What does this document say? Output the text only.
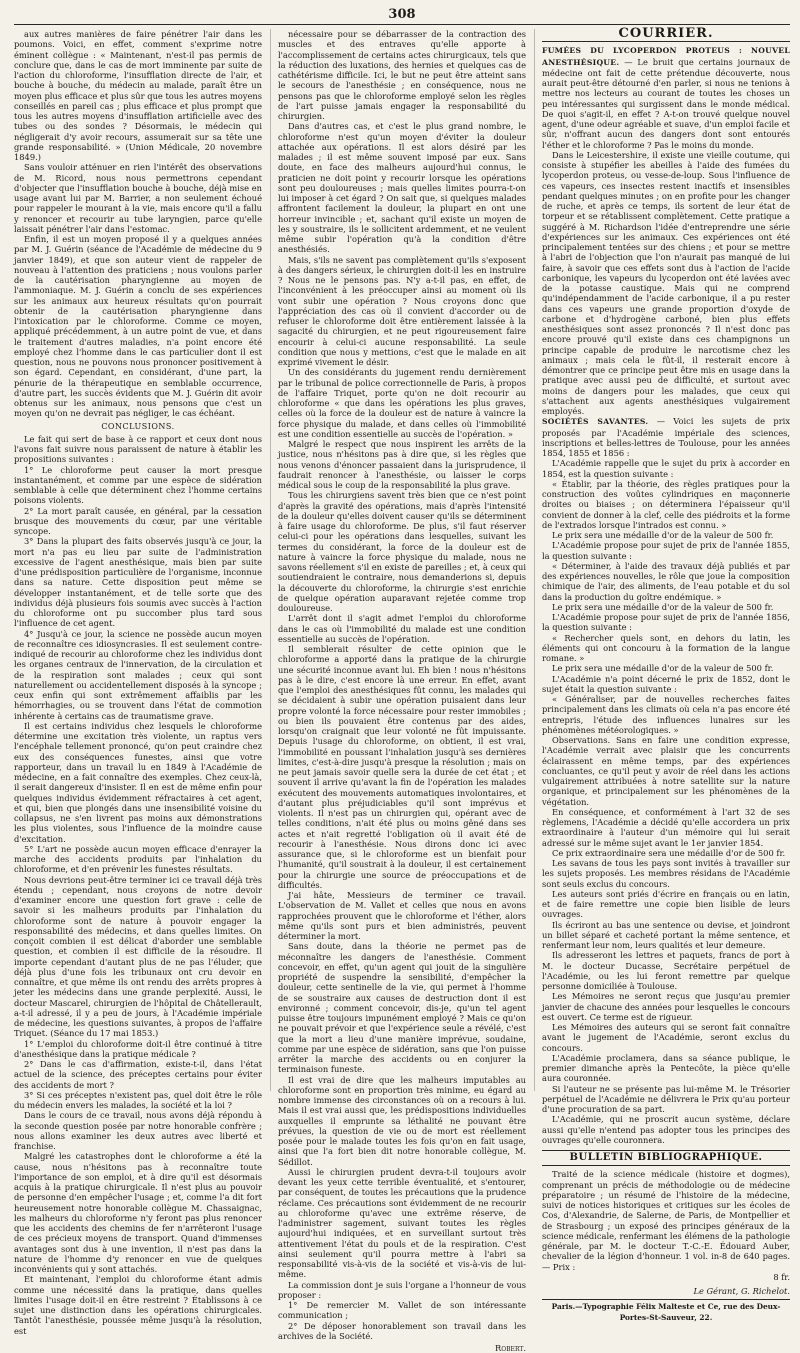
308

aux autres manières de faire pénétrer l'air dans les poumons. Voici, en effet, comment s'exprime notre éminent collègue : « Maintenant, n'est-il pas permis de conclure que, dans le cas de mort imminente par suite de l'action du chloroforme, l'insufflation directe de l'air, et bouche à bouche, du médecin au malade, paraît être un moyen plus efficace et plus sûr que tous les autres moyens conseillés en pareil cas ; plus efficace et plus prompt que tous les autres moyens d'insufflation artificielle avec des tubes ou des sondes ? Désormais, le médecin qui négligerait d'y avoir recours, assumerait sur sa tête une grande responsabilité. » (Union Médicale, 20 novembre 1849.)

Sans vouloir atténuer en rien l'intérêt des observations de M. Ricord, nous nous permettrons cependant d'objecter que l'insufflation bouche à bouche, déjà mise en usage avant lui par M. Barrier, a non seulement échoué pour rappeler le mourant à la vie, mais encore qu'il a fallu y renoncer et recourir au tube laryngien, parce qu'elle laissait pénétrer l'air dans l'estomac.

Enfin, il est un moyen proposé il y a quelques années par M. J. Guérin (séance de l'Académie de médecine du 9 janvier 1849), et que son auteur vient de rappeler de nouveau à l'attention des praticiens ; nous voulons parler de la cautérisation pharyngienne au moyen de l'ammoniaque. M. J. Guérin a conclu de ses expériences sur les animaux aux heureux résultats qu'on pourrait obtenir de la cautérisation pharyngienne dans l'intoxication par le chloroforme. Comme ce moyen, appliqué précédemment, à un autre point de vue, et dans le traitement d'autres maladies, n'a point encore été employé chez l'homme dans le cas particulier dont il est question, nous ne pouvons nous prononcer positivement à son égard. Cependant, en considérant, d'une part, la pénurie de la thérapeutique en semblable occurrence, d'autre part, les succès évidents que M. J. Guérin dit avoir obtenus sur les animaux, nous pensons que c'est un moyen qu'on ne devrait pas négliger, le cas échéant.

CONCLUSIONS.

Le fait qui sert de base à ce rapport et ceux dont nous l'avons fait suivre nous paraissent de nature à établir les propositions suivantes :

1° Le chloroforme peut causer la mort presque instantanément, et comme par une espèce de sidération semblable à celle que déterminent chez l'homme certains poisons violents.

2° La mort paraît causée, en général, par la cessation brusque des mouvements du cœur, par une véritable syncope.

3° Dans la plupart des faits observés jusqu'à ce jour, la mort n'a pas eu lieu par suite de l'administration excessive de l'agent anesthésique, mais bien par suite d'une prédisposition particulière de l'organisme, inconnue dans sa nature. Cette disposition peut même se développer instantanément, et de telle sorte que des individus déjà plusieurs fois soumis avec succès à l'action du chloroforme ont pu succomber plus tard sous l'influence de cet agent.

4° Jusqu'à ce jour, la science ne possède aucun moyen de reconnaître ces idiosyncrasies. Il est seulement contre-indiqué de recourir au chloroforme chez les individus dont les organes centraux de l'innervation, de la circulation et de la respiration sont malades ; ceux qui sont naturellement ou accidentellement disposés à la syncope ; ceux enfin qui sont extrêmement affaiblis par les hémorrhagies, ou se trouvent dans l'état de commotion inhérente à certains cas de traumatisme grave.

Il est certains individus chez lesquels le chloroforme détermine une excitation très violente, un raptus vers l'encéphale tellement prononcé, qu'on peut craindre chez eux des conséquences funestes, ainsi que votre rapporteur, dans un travail lu en 1849 à l'Académie de médecine, en a fait connaître des exemples. Chez ceux-là, il serait dangereux d'insister. Il en est de même enfin pour quelques individus évidemment réfractaires à cet agent, et qui, bien que plongés dans une insensibilité voisine du collapsus, ne s'en livrent pas moins aux démonstrations les plus violentes, sous l'influence de la moindre cause d'excitation.

5° L'art ne possède aucun moyen efficace d'enrayer la marche des accidents produits par l'inhalation du chloroforme, et d'en prévenir les funestes résultats.

Nous devrions peut-être terminer ici ce travail déjà très étendu ; cependant, nous croyons de notre devoir d'examiner encore une question fort grave : celle de savoir si les malheurs produits par l'inhalation du chloroforme sont de nature à pouvoir engager la responsabilité des médecins, et dans quelles limites. On conçoit combien il est délicat d'aborder une semblable question, et combien il est difficile de la résoudre. Il importe cependant d'autant plus de ne pas l'éluder, que déjà plus d'une fois les tribunaux ont cru devoir en connaître, et que même ils ont rendu des arrêts propres à jeter les médecins dans une grande perplexité. Aussi, le docteur Mascarel, chirurgien de l'hôpital de Châtellerault, a-t-il adressé, il y a peu de jours, à l'Académie impériale de médecine, les questions suivantes, à propos de l'affaire Triquet. (Séance du 17 mai 1853.)

1° L'emploi du chloroforme doit-il être continué à titre d'anesthésique dans la pratique médicale ?

2° Dans le cas d'affirmation, existe-t-il, dans l'état actuel de la science, des préceptes certains pour éviter des accidents de mort ?

3° Si ces préceptes n'existent pas, quel doit être le rôle du médecin envers les malades, la société et la loi ?

Dans le cours de ce travail, nous avons déjà répondu à la seconde question posée par notre honorable confrère ; nous allons examiner les deux autres avec liberté et franchise.

Malgré les catastrophes dont le chloroforme a été la cause, nous n'hésitons pas à reconnaître toute l'importance de son emploi, et à dire qu'il est désormais acquis à la pratique chirurgicale. Il n'est plus au pouvoir de personne d'en empêcher l'usage ; et, comme l'a dit fort heureusement notre honorable collègue M. Chassaignac, les malheurs du chloroforme n'y feront pas plus renoncer que les accidents des chemins de fer n'arrêteront l'usage de ces précieux moyens de transport. Quand d'immenses avantages sont dus à une invention, il n'est pas dans la nature de l'homme d'y renoncer en vue de quelques inconvénients qui y sont attachés.

Et maintenant, l'emploi du chloroforme étant admis comme une nécessité dans la pratique, dans quelles limites l'usage doit-il en être restreint ? Établissons à ce sujet une distinction dans les opérations chirurgicales. Tantôt l'anesthésie, poussée même jusqu'à la résolution, est

nécessaire pour se débarrasser de la contraction des muscles et des entraves qu'elle apporte à l'accomplissement de certains actes chirurgicaux, tels que la réduction des luxations, des hernies et quelques cas de cathétérisme difficile. Ici, le but ne peut être atteint sans le secours de l'anesthésie ; en conséquence, nous ne pensons pas que le chloroforme employé selon les règles de l'art puisse jamais engager la responsabilité du chirurgien.

Dans d'autres cas, et c'est le plus grand nombre, le chloroforme n'est qu'un moyen d'éviter la douleur attachée aux opérations. Il est alors désiré par les malades ; il est même souvent imposé par eux. Sans doute, en face des malheurs aujourd'hui connus, le praticien ne doit point y recourir lorsque les opérations sont peu douloureuses ; mais quelles limites pourra-t-on lui imposer à cet égard ? On sait que, si quelques malades affrontent facilement la douleur, la plupart en ont une horreur invincible ; et, sachant qu'il existe un moyen de les y soustraire, ils le sollicitent ardemment, et ne veulent même subir l'opération qu'à la condition d'être anesthésiés.

Mais, s'ils ne savent pas complètement qu'ils s'exposent à des dangers sérieux, le chirurgien doit-il les en instruire ? Nous ne le pensons pas. N'y a-t-il pas, en effet, de l'inconvénient à les préoccuper ainsi au moment où ils vont subir une opération ? Nous croyons donc que l'appréciation des cas où il convient d'accorder ou de refuser le chloroforme doit être entièrement laissée à la sagacité du chirurgien, et ne peut rigoureusement faire encourir à celui-ci aucune responsabilité. La seule condition que nous y mettions, c'est que le malade en ait exprimé vivement le désir.

Un des considérants du jugement rendu dernièrement par le tribunal de police correctionnelle de Paris, à propos de l'affaire Triquet, porte qu'on ne doit recourir au chloroforme « que dans les opérations les plus graves, celles où la force de la douleur est de nature à vaincre la force physique du malade, et dans celles où l'immobilité est une condition essentielle au succès de l'opération. »

Malgré le respect que nous inspirent les arrêts de la justice, nous n'hésitons pas à dire que, si les règles que nous venons d'énoncer passaient dans la jurisprudence, il faudrait renoncer à l'anesthésie, ou laisser le corps médical sous le coup de la responsabilité la plus grave.

Tous les chirurgiens savent très bien que ce n'est point d'après la gravité des opérations, mais d'après l'intensité de la douleur qu'elles doivent causer qu'ils se déterminent à faire usage du chloroforme. De plus, s'il faut réserver celui-ci pour les opérations dans lesquelles, suivant les termes du considérant, la force de la douleur est de nature à vaincre la force physique du malade, nous ne savons réellement s'il en existe de pareilles ; et, à ceux qui soutiendraient le contraire, nous demanderions si, depuis la découverte du chloroforme, la chirurgie s'est enrichie de quelque opération auparavant rejetée comme trop douloureuse.

L'arrêt dont il s'agit admet l'emploi du chloroforme dans le cas où l'immobilité du malade est une condition essentielle au succès de l'opération.

Il semblerait résulter de cette opinion que le chloroforme a apporté dans la pratique de la chirurgie une sécurité inconnue avant lui. Eh bien ! nous n'hésitons pas à le dire, c'est encore là une erreur. En effet, avant que l'emploi des anesthésiques fût connu, les malades qui se décidaient à subir une opération puisaient dans leur propre volonté la force nécessaire pour rester immobiles ; ou bien ils pouvaient être contenus par des aides, lorsqu'on craignait que leur volonté ne fût impuissante. Depuis l'usage du chloroforme, on obtient, il est vrai, l'immobilité en poussant l'inhalation jusqu'à ses dernières limites, c'est-à-dire jusqu'à presque la résolution ; mais on ne peut jamais savoir quelle sera la durée de cet état ; et souvent il arrive qu'avant la fin de l'opération les malades exécutent des mouvements automatiques involontaires, et d'autant plus préjudiciables qu'il sont imprévus et violents. Il n'est pas un chirurgien qui, opérant avec de telles conditions, n'ait été plus ou moins gêné dans ses actes et n'ait regretté l'obligation où il avait été de recourir à l'anesthésie. Nous dirons donc ici avec assurance que, si le chloroforme est un bienfait pour l'humanité, qu'il soustrait à la douleur, il est certainement pour la chirurgie une source de préoccupations et de difficultés.

J'ai hâte, Messieurs de terminer ce travail. L'observation de M. Vallet et celles que nous en avons rapprochées prouvent que le chloroforme et l'éther, alors même qu'ils sont purs et bien administrés, peuvent déterminer la mort.

Sans doute, dans la théorie ne permet pas de méconnaître les dangers de l'anesthésie. Comment concevoir, en effet, qu'un agent qui jouit de la singulière propriété de suspendre la sensibilité, d'empêcher la douleur, cette sentinelle de la vie, qui permet à l'homme de se soustraire aux causes de destruction dont il est environné ; comment concevoir, dis-je, qu'un tel agent puisse être toujours impunément employé ? Mais ce qu'on ne pouvait prévoir et que l'expérience seule a révélé, c'est que la mort a lieu d'une manière imprévue, soudaine, comme par une espèce de sidération, sans que l'on puisse arrêter la marche des accidents ou en conjurer la terminaison funeste.

Il est vrai de dire que les malheurs imputables au chloroforme sont en proportion très minime, eu égard au nombre immense des circonstances où on a recours à lui. Mais il est vrai aussi que, les prédispositions individuelles auxquelles il emprunte sa léthalité ne pouvant être prévues, la question de vie ou de mort est réellement posée pour le malade toutes les fois qu'on en fait usage, ainsi que l'a fort bien dit notre honorable collègue, M. Sédillot.

Aussi le chirurgien prudent devra-t-il toujours avoir devant les yeux cette terrible éventualité, et s'entourer, par conséquent, de toutes les précautions que la prudence réclame. Ces précautions sont évidemment de ne recourir au chloroforme qu'avec une extrême réserve, de l'administrer sagement, suivant toutes les règles aujourd'hui indiquées, et en surveillant surtout très attentivement l'état du pouls et de la respiration. C'est ainsi seulement qu'il pourra mettre à l'abri sa responsabilité vis-à-vis de la société et vis-à-vis de lui-même.

La commission dont je suis l'organe a l'honneur de vous proposer :

1° De remercier M. Vallet de son intéressante communication ;

2° De déposer honorablement son travail dans les archives de la Société.

Robert.
COURRIER.

FUMÉES DU LYCOPERDON PROTEUS : NOUVEL ANESTHÉSIQUE. — Le bruit que certains journaux de médecine ont fait de cette prétendue découverte, nous aurait peut-être détourné d'en parler, si nous ne tenions à mettre nos lecteurs au courant de toutes les choses un peu intéressantes qui surgissent dans le monde médical. De quoi s'agit-il, en effet ? A-t-on trouvé quelque nouvel agent, d'une odeur agréable et suave, d'un emploi facile et sûr, n'offrant aucun des dangers dont sont entourés l'éther et le chloroforme ? Pas le moins du monde.

Dans le Leicestershire, il existe une vieille coutume, qui consiste à stupéfier les abeilles à l'aide des fumées du lycoperdon proteus, ou vesse-de-loup. Sous l'influence de ces vapeurs, ces insectes restent inactifs et insensibles pendant quelques minutes ; on en profite pour les changer de ruche, et après ce temps, ils sortent de leur état de torpeur et se rétablissent complètement. Cette pratique a suggéré à M. Richardson l'idée d'entreprendre une série d'expériences sur les animaux. Ces expériences ont été principalement tentées sur des chiens ; et pour se mettre à l'abri de l'objection que l'on n'aurait pas manqué de lui faire, à savoir que ces effets sont dus à l'action de l'acide carbonique, les vapeurs du lycoperdon ont été lavées avec de la potasse caustique. Mais qui ne comprend qu'indépendamment de l'acide carbonique, il a pu rester dans ces vapeurs une grande proportion d'oxyde de carbone et d'hydrogène carboné, bien plus effets anesthésiques sont assez prononcés ? Il n'est donc pas encore prouvé qu'il existe dans ces champignons un principe capable de produire le narcotisme chez les animaux ; mais cela le fût-il, il resterait encore à démontrer que ce principe peut être mis en usage dans la pratique avec aussi peu de difficulté, et surtout avec moins de dangers pour les malades, que ceux qui s'attachent aux agents anesthésiques vulgairement employés.

SOCIÉTÉS SAVANTES. — Voici les sujets de prix proposés par l'Académie impériale des sciences, inscriptions et belles-lettres de Toulouse, pour les années 1854, 1855 et 1856 :

L'Académie rappelle que le sujet du prix à accorder en 1854, est la question suivante :

« Établir, par la théorie, des règles pratiques pour la construction des voûtes cylindriques en maçonnerie droites ou biaises ; on déterminera l'épaisseur qu'il convient de donner à la clef, celle des piédroits et la forme de l'extrados lorsque l'intrados est connu. »

Le prix sera une médaille d'or de la valeur de 500 fr.

L'Académie propose pour sujet de prix de l'année 1855, la question suivante :

« Déterminer, à l'aide des travaux déjà publiés et par des expériences nouvelles, le rôle que joue la composition chimique de l'air, des aliments, de l'eau potable et du sol dans la production du goître endémique. »

Le prix sera une médaille d'or de la valeur de 500 fr.

L'Académie propose pour sujet de prix de l'année 1856, la question suivante :

« Rechercher quels sont, en dehors du latin, les éléments qui ont concouru à la formation de la langue romane. »

Le prix sera une médaille d'or de la valeur de 500 fr.

L'Académie n'a point décerné le prix de 1852, dont le sujet était la question suivante :

« Généraliser, par de nouvelles recherches faites principalement dans les climats où cela n'a pas encore été entrepris, l'étude des influences lunaires sur les phénomènes météorologiques. »

Observations. Sans en faire une condition expresse, l'Académie verrait avec plaisir que les concurrents éclairassent en même temps, par des expériences concluantes, ce qu'il peut y avoir de réel dans les actions vulgairement attribuées à notre satellite sur la nature organique, et principalement sur les phénomènes de la végétation.

En conséquence, et conformément à l'art 32 de ses règlemens, l'Académie a décidé qu'elle accordera un prix extraordinaire à l'auteur d'un mémoire qui lui serait adressé sur le même sujet avant le 1er janvier 1854.

Ce prix extraordinaire sera une médaille d'or de 500 fr.

Les savans de tous les pays sont invités à travailler sur les sujets proposés. Les membres résidans de l'Académie sont seuls exclus du concours.

Les auteurs sont priés d'écrire en français ou en latin, et de faire remettre une copie bien lisible de leurs ouvrages.

Ils écriront au bas une sentence ou devise, et joindront un billet séparé et cacheté portant la même sentence, et renfermant leur nom, leurs qualités et leur demeure.

Ils adresseront les lettres et paquets, francs de port à M. le docteur Ducasse, Secrétaire perpétuel de l'Académie, ou les lui feront remettre par quelque personne domiciliée à Toulouse.

Les Mémoires ne seront reçus que jusqu'au premier janvier de chacune des années pour lesquelles le concours est ouvert. Ce terme est de rigueur.

Les Mémoires des auteurs qui se seront fait connaître avant le jugement de l'Académie, seront exclus du concours.

L'Académie proclamera, dans sa séance publique, le premier dimanche après la Pentecôte, la pièce qu'elle aura couronnée.

Si l'auteur ne se présente pas lui-même M. le Trésorier perpétuel de l'Académie ne délivrera le Prix qu'au porteur d'une procuration de sa part.

L'Académie, qui ne proscrit aucun système, déclare aussi qu'elle n'entend pas adopter tous les principes des ouvrages qu'elle couronnera.

BULLETIN BIBLIOGRAPHIQUE.

Traité de la science médicale (histoire et dogmes), comprenant un précis de méthodologie ou de médecine préparatoire ; un résumé de l'histoire de la médecine, suivi de notices historiques et critiques sur les écoles de Cos, d'Alexandrie, de Salerne, de Paris, de Montpellier et de Strasbourg ; un exposé des principes généraux de la science médicale, renfermant les élémens de la pathologie générale, par M. le docteur T.-C.-E. Édouard Auber, chevalier de la légion d'honneur. 1 vol. in-8 de 640 pages. — Prix :

8 fr.
Le Gérant, G. Richelot.
Paris.—Typographie Félix Malteste et Ce, rue des Deux-Portes-St-Sauveur, 22.
